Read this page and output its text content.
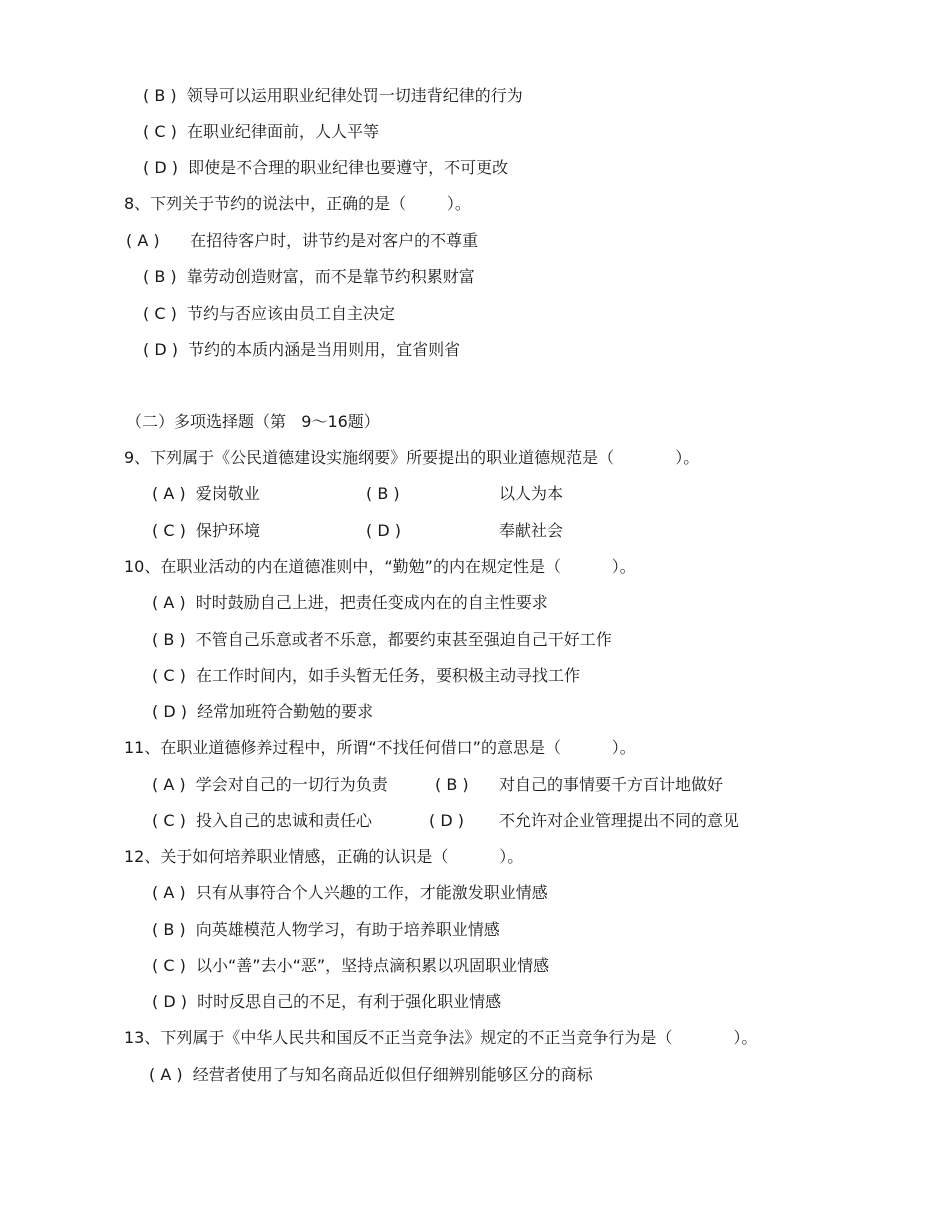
( B )  领导可以运用职业纪律处罚一切违背纪律的行为
( C )  在职业纪律面前，人人平等
( D )  即使是不合理的职业纪律也要遵守，不可更改
8、下列关于节约的说法中，正确的是（        ）。
( A )      在招待客户时，讲节约是对客户的不尊重
( B )  靠劳动创造财富，而不是靠节约积累财富
( C )  节约与否应该由员工自主决定
( D )  节约的本质内涵是当用则用，宜省则省
（二）多项选择题（第   9～16题）
9、下列属于《公民道德建设实施纲要》所要提出的职业道德规范是（            ）。
( A )  爱岗敬业	( B )	以人为本
( C )  保护环境	( D )	奉献社会
10、在职业活动的内在道德准则中，“勤勉”的内在规定性是（          ）。
( A )  时时鼓励自己上进，把责任变成内在的自主性要求
( B )  不管自己乐意或者不乐意，都要约束甚至强迫自己干好工作
( C )  在工作时间内，如手头暂无任务，要积极主动寻找工作
( D )  经常加班符合勤勉的要求
11、在职业道德修养过程中，所谓“不找任何借口”的意思是（          ）。
( A )  学会对自己的一切行为负责	( B ) 对自己的事情要千方百计地做好
( C )  投入自己的忠诚和责任心	( D ) 不允许对企业管理提出不同的意见
12、关于如何培养职业情感，正确的认识是（          ）。
( A )  只有从事符合个人兴趣的工作，才能激发职业情感
( B )  向英雄模范人物学习，有助于培养职业情感
( C )  以小“善”去小“恶”，坚持点滴积累以巩固职业情感
( D )  时时反思自己的不足，有利于强化职业情感
13、下列属于《中华人民共和国反不正当竞争法》规定的不正当竞争行为是（            ）。
( A )  经营者使用了与知名商品近似但仔细辨别能够区分的商标
